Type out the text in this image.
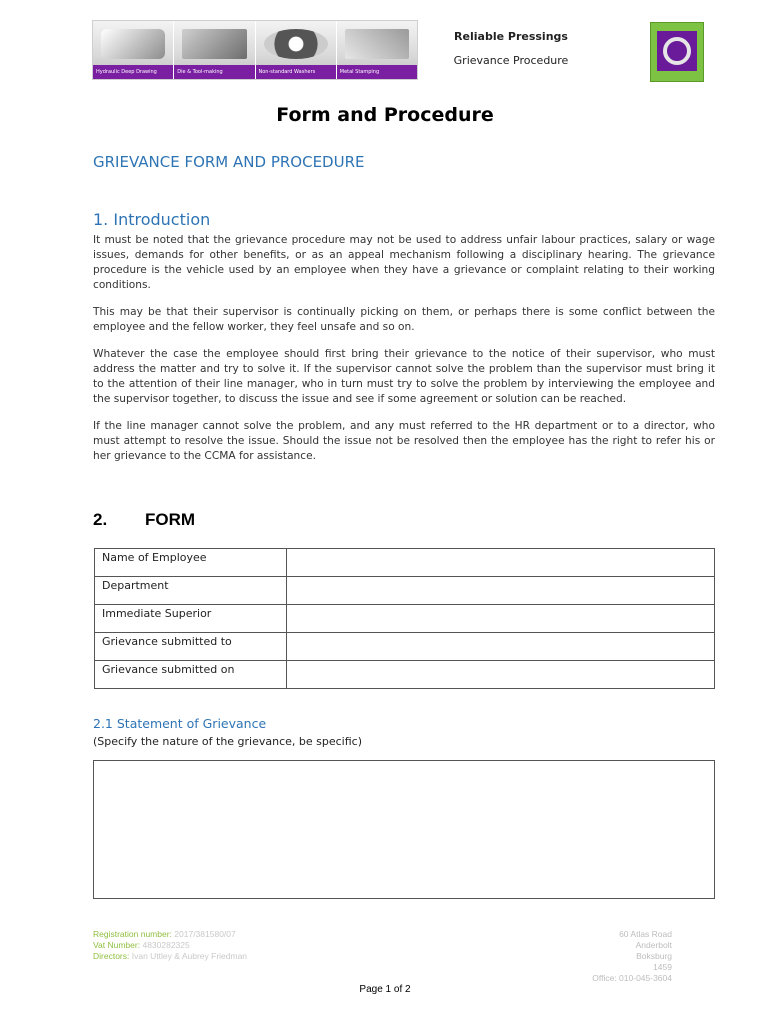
Hydraulic Deep Drawing	Die & Tool-making	Non-standard Washers	Metal Stamping
Reliable Pressings
Grievance Procedure
Form and Procedure
GRIEVANCE FORM AND PROCEDURE
1. Introduction

It must be noted that the grievance procedure may not be used to address unfair labour practices, salary or wage issues, demands for other benefits, or as an appeal mechanism following a disciplinary hearing. The grievance procedure is the vehicle used by an employee when they have a grievance or complaint relating to their working conditions.

This may be that their supervisor is continually picking on them, or perhaps there is some conflict between the employee and the fellow worker, they feel unsafe and so on.

Whatever the case the employee should first bring their grievance to the notice of their supervisor, who must address the matter and try to solve it. If the supervisor cannot solve the problem than the supervisor must bring it to the attention of their line manager, who in turn must try to solve the problem by interviewing the employee and the supervisor together, to discuss the issue and see if some agreement or solution can be reached.

If the line manager cannot solve the problem, and any must referred to the HR department or to a director, who must attempt to resolve the issue. Should the issue not be resolved then the employee has the right to refer his or her grievance to the CCMA for assistance.

2. FORM
Name of Employee	
Department	
Immediate Superior	
Grievance submitted to	
Grievance submitted on	
2.1 Statement of Grievance
(Specify the nature of the grievance, be specific)
Registration number: 2017/381580/07
Vat Number: 4830282325
Directors: Ivan Uttley & Aubrey Friedman
60 Atlas Road
Anderbolt
Boksburg
1459
Office: 010-045-3604
Page 1 of 2
